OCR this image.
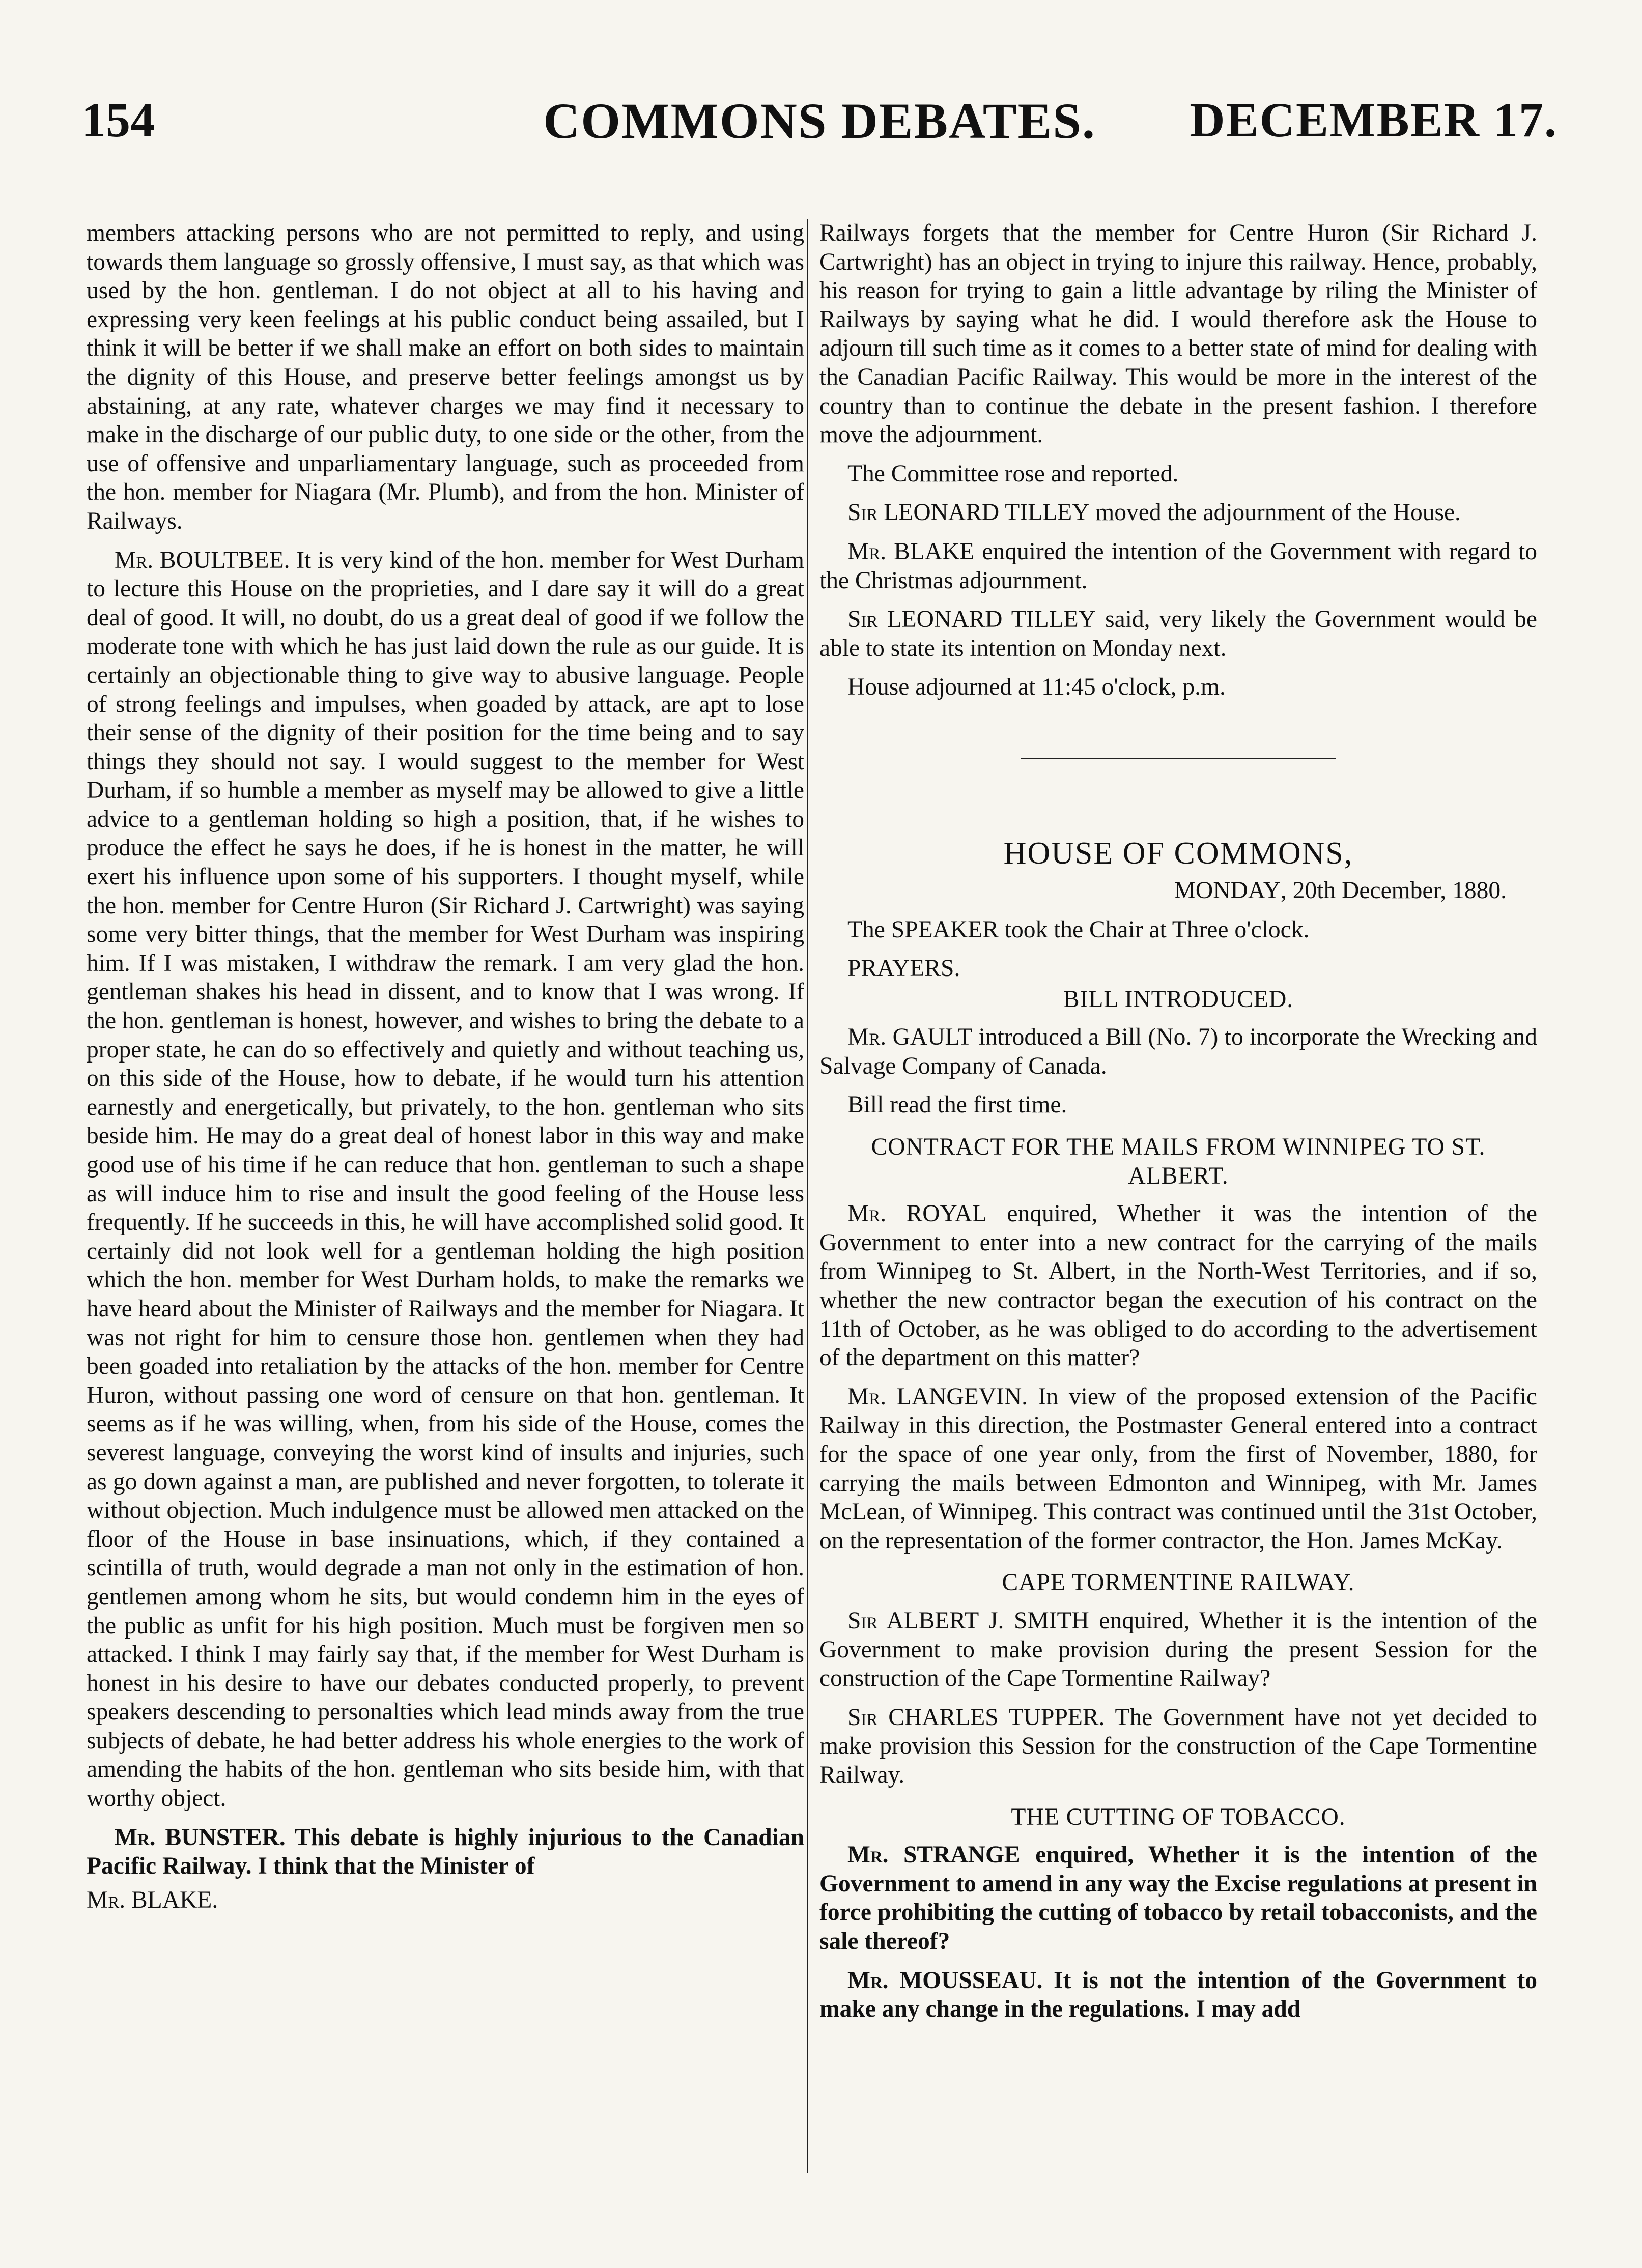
154	COMMONS DEBATES.	DECEMBER 17.

members attacking persons who are not permitted to reply, and using towards them language so grossly offensive, I must say, as that which was used by the hon. gentleman. I do not object at all to his having and expressing very keen feelings at his public conduct being assailed, but I think it will be better if we shall make an effort on both sides to maintain the dignity of this House, and preserve better feelings amongst us by abstaining, at any rate, whatever charges we may find it necessary to make in the discharge of our public duty, to one side or the other, from the use of offensive and unparliamentary language, such as proceeded from the hon. member for Niagara (Mr. Plumb), and from the hon. Minister of Railways.

Mr. BOULTBEE. It is very kind of the hon. member for West Durham to lecture this House on the proprieties, and I dare say it will do a great deal of good. It will, no doubt, do us a great deal of good if we follow the moderate tone with which he has just laid down the rule as our guide. It is certainly an objectionable thing to give way to abusive language. People of strong feelings and impulses, when goaded by attack, are apt to lose their sense of the dignity of their position for the time being and to say things they should not say. I would suggest to the member for West Durham, if so humble a member as myself may be allowed to give a little advice to a gentleman holding so high a position, that, if he wishes to produce the effect he says he does, if he is honest in the matter, he will exert his influence upon some of his supporters. I thought myself, while the hon. member for Centre Huron (Sir Richard J. Cartwright) was saying some very bitter things, that the member for West Durham was inspiring him. If I was mistaken, I withdraw the remark. I am very glad the hon. gentleman shakes his head in dissent, and to know that I was wrong. If the hon. gentleman is honest, however, and wishes to bring the debate to a proper state, he can do so effectively and quietly and without teaching us, on this side of the House, how to debate, if he would turn his attention earnestly and energetically, but privately, to the hon. gentleman who sits beside him. He may do a great deal of honest labor in this way and make good use of his time if he can reduce that hon. gentleman to such a shape as will induce him to rise and insult the good feeling of the House less frequently. If he succeeds in this, he will have accomplished solid good. It certainly did not look well for a gentleman holding the high position which the hon. member for West Durham holds, to make the remarks we have heard about the Minister of Railways and the member for Niagara. It was not right for him to censure those hon. gentlemen when they had been goaded into retaliation by the attacks of the hon. member for Centre Huron, without passing one word of censure on that hon. gentleman. It seems as if he was willing, when, from his side of the House, comes the severest language, conveying the worst kind of insults and injuries, such as go down against a man, are published and never forgotten, to tolerate it without objection. Much indulgence must be allowed men attacked on the floor of the House in base insinuations, which, if they contained a scintilla of truth, would degrade a man not only in the estimation of hon. gentlemen among whom he sits, but would condemn him in the eyes of the public as unfit for his high position. Much must be forgiven men so attacked. I think I may fairly say that, if the member for West Durham is honest in his desire to have our debates conducted properly, to prevent speakers descending to personalties which lead minds away from the true subjects of debate, he had better address his whole energies to the work of amending the habits of the hon. gentleman who sits beside him, with that worthy object.

Mr. BUNSTER. This debate is highly injurious to the Canadian Pacific Railway. I think that the Minister of

Mr. BLAKE.

Railways forgets that the member for Centre Huron (Sir Richard J. Cartwright) has an object in trying to injure this railway. Hence, probably, his reason for trying to gain a little advantage by riling the Minister of Railways by saying what he did. I would therefore ask the House to adjourn till such time as it comes to a better state of mind for dealing with the Canadian Pacific Railway. This would be more in the interest of the country than to continue the debate in the present fashion. I therefore move the adjournment.

The Committee rose and reported.

Sir LEONARD TILLEY moved the adjournment of the House.

Mr. BLAKE enquired the intention of the Government with regard to the Christmas adjournment.

Sir LEONARD TILLEY said, very likely the Government would be able to state its intention on Monday next.

House adjourned at 11:45 o'clock, p.m.

HOUSE OF COMMONS,

MONDAY, 20th December, 1880.

The SPEAKER took the Chair at Three o'clock.

PRAYERS.

BILL INTRODUCED.

Mr. GAULT introduced a Bill (No. 7) to incorporate the Wrecking and Salvage Company of Canada.

Bill read the first time.

CONTRACT FOR THE MAILS FROM WINNIPEG TO ST. ALBERT.

Mr. ROYAL enquired, Whether it was the intention of the Government to enter into a new contract for the carrying of the mails from Winnipeg to St. Albert, in the North-West Territories, and if so, whether the new contractor began the execution of his contract on the 11th of October, as he was obliged to do according to the advertisement of the department on this matter?

Mr. LANGEVIN. In view of the proposed extension of the Pacific Railway in this direction, the Postmaster General entered into a contract for the space of one year only, from the first of November, 1880, for carrying the mails between Edmonton and Winnipeg, with Mr. James McLean, of Winnipeg. This contract was continued until the 31st October, on the representation of the former contractor, the Hon. James McKay.

CAPE TORMENTINE RAILWAY.

Sir ALBERT J. SMITH enquired, Whether it is the intention of the Government to make provision during the present Session for the construction of the Cape Tormentine Railway?

Sir CHARLES TUPPER. The Government have not yet decided to make provision this Session for the construction of the Cape Tormentine Railway.

THE CUTTING OF TOBACCO.

Mr. STRANGE enquired, Whether it is the intention of the Government to amend in any way the Excise regulations at present in force prohibiting the cutting of tobacco by retail tobacconists, and the sale thereof?

Mr. MOUSSEAU. It is not the intention of the Government to make any change in the regulations. I may add
